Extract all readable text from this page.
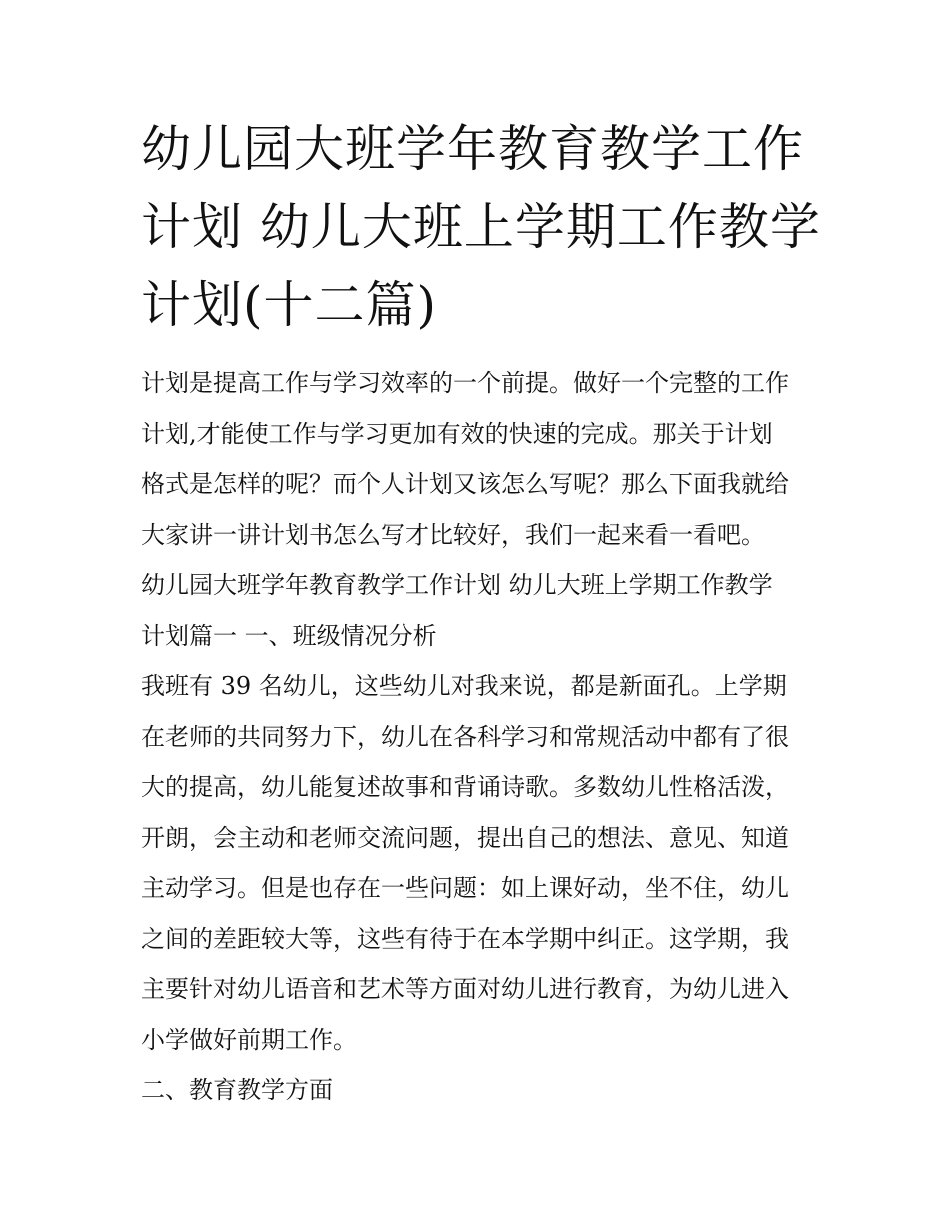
幼儿园大班学年教育教学工作
计划 幼儿大班上学期工作教学
计划(十二篇)

计划是提高工作与学习效率的一个前提。做好一个完整的工作
计划,才能使工作与学习更加有效的快速的完成。那关于计划
格式是怎样的呢？而个人计划又该怎么写呢？那么下面我就给
大家讲一讲计划书怎么写才比较好，我们一起来看一看吧。

幼儿园大班学年教育教学工作计划 幼儿大班上学期工作教学
计划篇一 一、班级情况分析

我班有 39 名幼儿，这些幼儿对我来说，都是新面孔。上学期
在老师的共同努力下，幼儿在各科学习和常规活动中都有了很
大的提高，幼儿能复述故事和背诵诗歌。多数幼儿性格活泼，
开朗，会主动和老师交流问题，提出自己的想法、意见、知道
主动学习。但是也存在一些问题：如上课好动，坐不住，幼儿
之间的差距较大等，这些有待于在本学期中纠正。这学期，我
主要针对幼儿语音和艺术等方面对幼儿进行教育，为幼儿进入
小学做好前期工作。

二、教育教学方面
